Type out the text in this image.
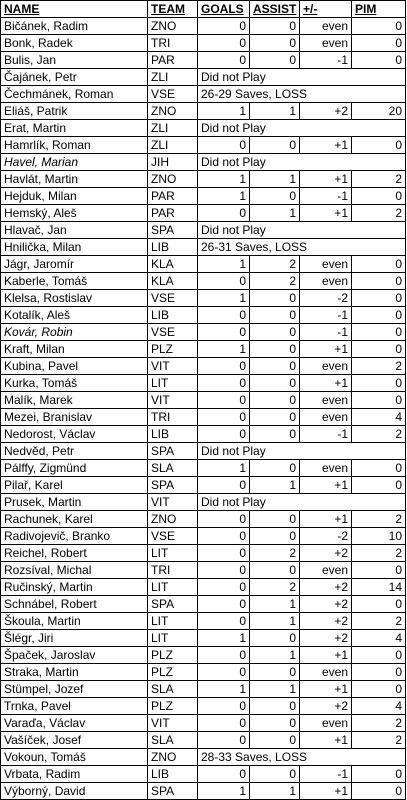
NAME	TEAM	GOALS	ASSIST	+/-	PIM
Bičánek, Radim	ZNO	0	0	even	0
Bonk, Radek	TRI	0	0	even	0
Bulis, Jan	PAR	0	0	-1	0
Čajánek, Petr	ZLI	Did not Play			
Čechmánek, Roman	VSE	26-29 Saves, LOSS			
Eliáš, Patrik	ZNO	1	1	+2	20
Erat, Martin	ZLI	Did not Play			
Hamrlík, Roman	ZLI	0	0	+1	0
Havel, Marian	JIH	Did not Play			
Havlát, Martin	ZNO	1	1	+1	2
Hejduk, Milan	PAR	1	0	-1	0
Hemský, Aleš	PAR	0	1	+1	2
Hlavač, Jan	SPA	Did not Play			
Hnilička, Milan	LIB	26-31 Saves, LOSS			
Jágr, Jaromír	KLA	1	2	even	0
Kaberle, Tomáš	KLA	0	2	even	0
Klelsa, Rostislav	VSE	1	0	-2	0
Kotalík, Aleš	LIB	0	0	-1	0
Kovár, Robin	VSE	0	0	-1	0
Kraft, Milan	PLZ	1	0	+1	0
Kubina, Pavel	VIT	0	0	even	2
Kurka, Tomáš	LIT	0	0	+1	0
Malík, Marek	VIT	0	0	even	0
Mezei, Branislav	TRI	0	0	even	4
Nedorost, Václav	LIB	0	0	-1	2
Nedvěd, Petr	SPA	Did not Play			
Pálffy, Zigmünd	SLA	1	0	even	0
Pilař, Karel	SPA	0	1	+1	0
Prusek, Martin	VIT	Did not Play			
Rachunek, Karel	ZNO	0	0	+1	2
Radivojevič, Branko	VSE	0	0	-2	10
Reichel, Robert	LIT	0	2	+2	2
Rozsíval, Michal	TRI	0	0	even	0
Ručinský, Martin	LIT	0	2	+2	14
Schnábel, Robert	SPA	0	1	+2	0
Škoula, Martin	LIT	0	1	+2	2
Šlégr, Jiri	LIT	1	0	+2	4
Špaček, Jaroslav	PLZ	0	1	+1	0
Straka, Martin	PLZ	0	0	even	0
Stümpel, Jozef	SLA	1	1	+1	0
Trnka, Pavel	PLZ	0	0	+2	4
Varaďa, Václav	VIT	0	0	even	2
Vašíček, Josef	SLA	0	0	+1	2
Vokoun, Tomáš	ZNO	28-33 Saves, LOSS			
Vrbata, Radim	LIB	0	0	-1	0
Výborný, David	SPA	1	1	+1	0
